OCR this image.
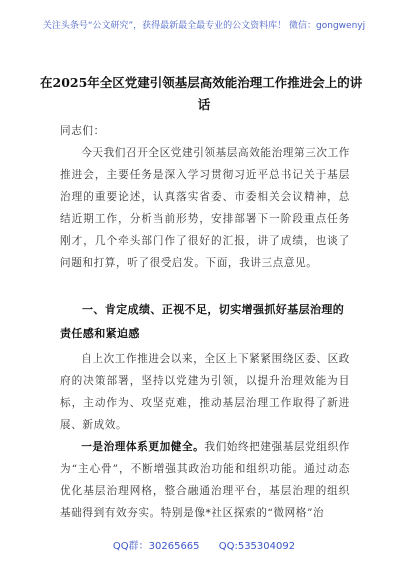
关注头条号“公文研究”，获得最新最全最专业的公文资料库！ 微信：gongwenyj
在2025年全区党建引领基层高效能治理工作推进会上的讲
话
同志们：
今天我们召开全区党建引领基层高效能治理第三次工作推进会，主要任务是深入学习贯彻习近平总书记关于基层治理的重要论述，认真落实省委、市委相关会议精神，总结近期工作，分析当前形势，安排部署下一阶段重点任务刚才，几个牵头部门作了很好的汇报，讲了成绩，也谈了问题和打算，听了很受启发。下面，我讲三点意见。
一、肯定成绩、正视不足，切实增强抓好基层治理的责任感和紧迫感
自上次工作推进会以来，全区上下紧紧围绕区委、区政府的决策部署，坚持以党建为引领，以提升治理效能为目标，主动作为、攻坚克难，推动基层治理工作取得了新进展、新成效。
一是治理体系更加健全。我们始终把建强基层党组织作为“主心骨”，不断增强其政治功能和组织功能。通过动态优化基层治理网格，整合融通治理平台，基层治理的组织基础得到有效夯实。特别是像*社区探索的“微网格”治
QQ群：30265665 QQ:535304092
